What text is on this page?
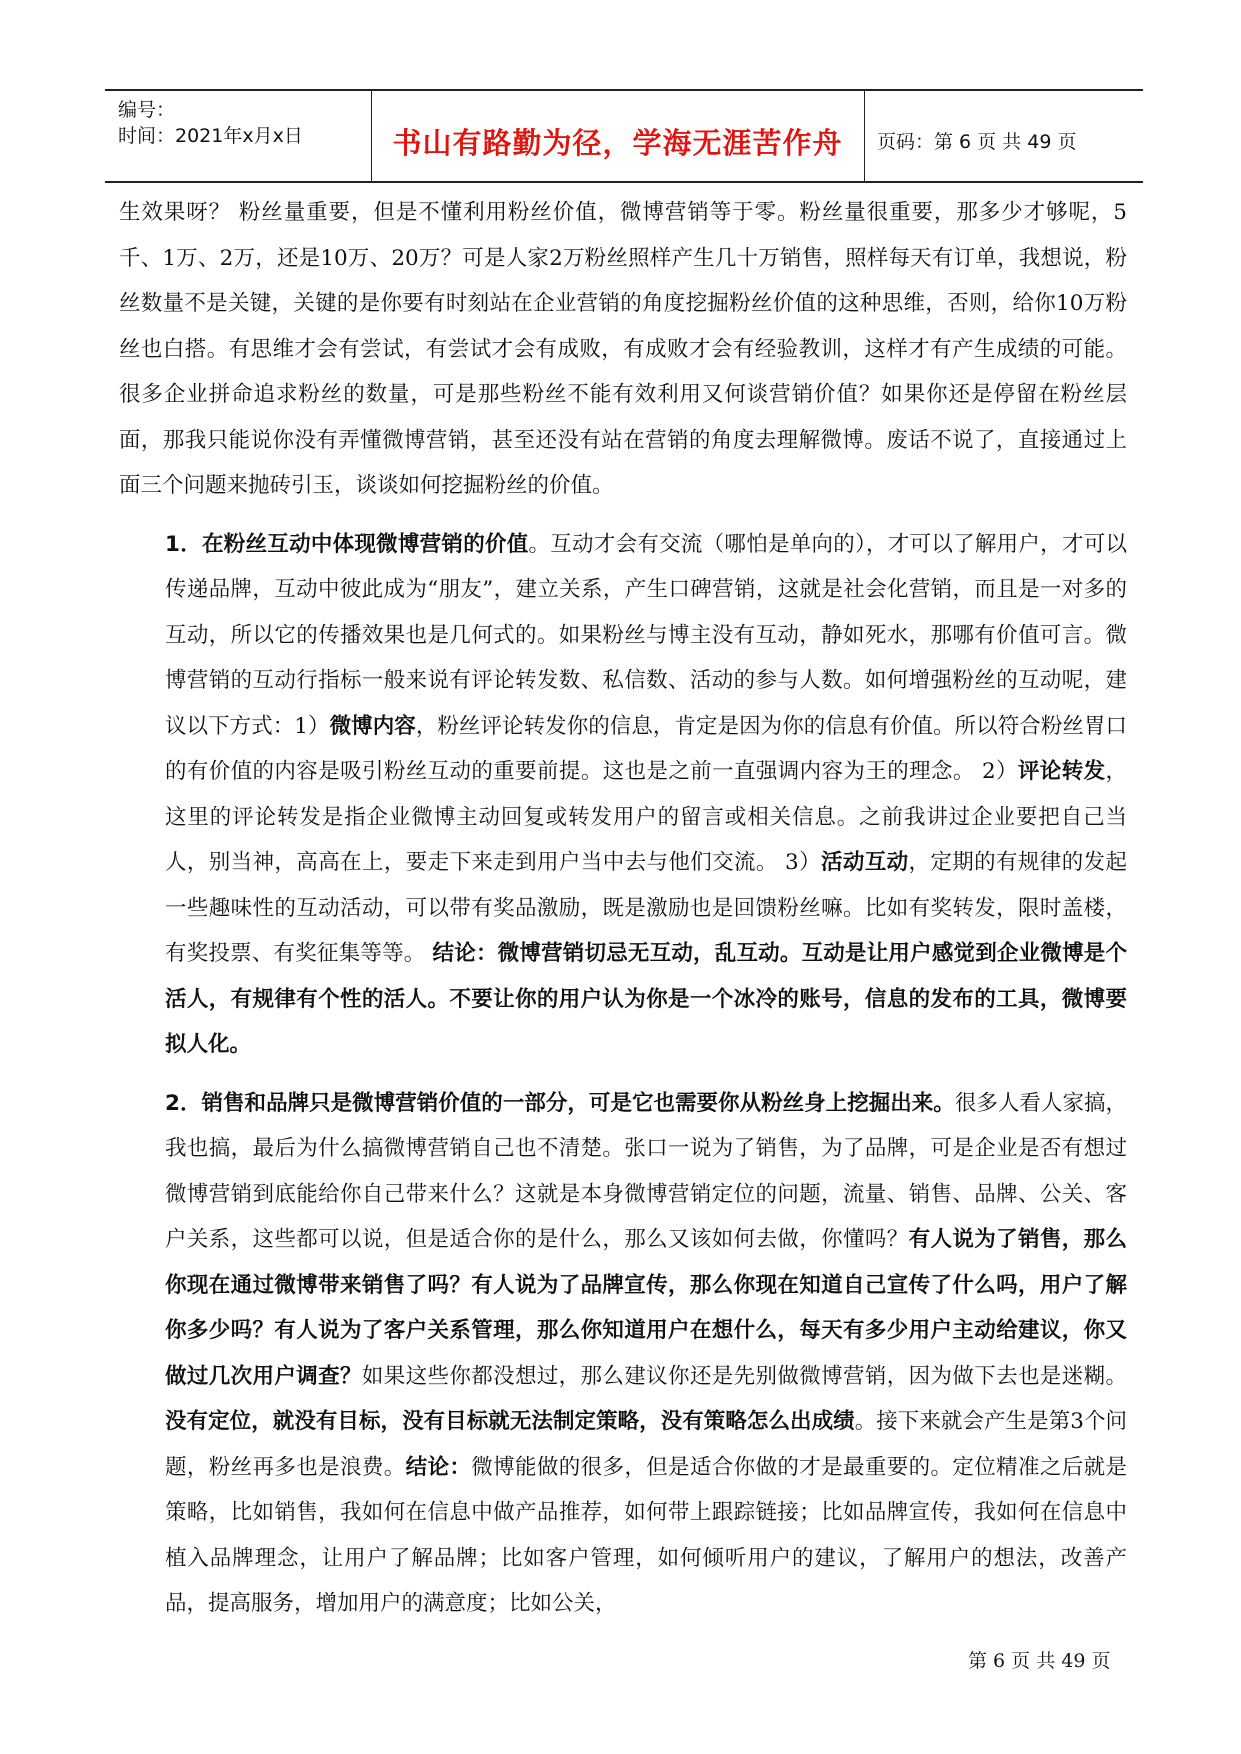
编号：
时间：2021年x月x日	书山有路勤为径，学海无涯苦作舟	页码：第 6 页 共 49 页

生效果呀？ 粉丝量重要，但是不懂利用粉丝价值，微博营销等于零。粉丝量很重要，那多少才够呢，5千、1万、2万，还是10万、20万？可是人家2万粉丝照样产生几十万销售，照样每天有订单，我想说，粉丝数量不是关键，关键的是你要有时刻站在企业营销的角度挖掘粉丝价值的这种思维，否则，给你10万粉丝也白搭。有思维才会有尝试，有尝试才会有成败，有成败才会有经验教训，这样才有产生成绩的可能。很多企业拼命追求粉丝的数量，可是那些粉丝不能有效利用又何谈营销价值？如果你还是停留在粉丝层面，那我只能说你没有弄懂微博营销，甚至还没有站在营销的角度去理解微博。废话不说了，直接通过上面三个问题来抛砖引玉，谈谈如何挖掘粉丝的价值。

1．在粉丝互动中体现微博营销的价值。互动才会有交流（哪怕是单向的），才可以了解用户，才可以传递品牌，互动中彼此成为“朋友”，建立关系，产生口碑营销，这就是社会化营销，而且是一对多的互动，所以它的传播效果也是几何式的。如果粉丝与博主没有互动，静如死水，那哪有价值可言。微博营销的互动行指标一般来说有评论转发数、私信数、活动的参与人数。如何增强粉丝的互动呢，建议以下方式：1）微博内容，粉丝评论转发你的信息，肯定是因为你的信息有价值。所以符合粉丝胃口的有价值的内容是吸引粉丝互动的重要前提。这也是之前一直强调内容为王的理念。 2）评论转发，这里的评论转发是指企业微博主动回复或转发用户的留言或相关信息。之前我讲过企业要把自己当人，别当神，高高在上，要走下来走到用户当中去与他们交流。 3）活动互动，定期的有规律的发起一些趣味性的互动活动，可以带有奖品激励，既是激励也是回馈粉丝嘛。比如有奖转发，限时盖楼，有奖投票、有奖征集等等。 结论：微博营销切忌无互动，乱互动。互动是让用户感觉到企业微博是个活人，有规律有个性的活人。不要让你的用户认为你是一个冰冷的账号，信息的发布的工具，微博要拟人化。

2．销售和品牌只是微博营销价值的一部分，可是它也需要你从粉丝身上挖掘出来。很多人看人家搞，我也搞，最后为什么搞微博营销自己也不清楚。张口一说为了销售，为了品牌，可是企业是否有想过微博营销到底能给你自己带来什么？这就是本身微博营销定位的问题，流量、销售、品牌、公关、客户关系，这些都可以说，但是适合你的是什么，那么又该如何去做，你懂吗？有人说为了销售，那么你现在通过微博带来销售了吗？有人说为了品牌宣传，那么你现在知道自己宣传了什么吗，用户了解你多少吗？有人说为了客户关系管理，那么你知道用户在想什么，每天有多少用户主动给建议，你又做过几次用户调查？如果这些你都没想过，那么建议你还是先别做微博营销，因为做下去也是迷糊。没有定位，就没有目标，没有目标就无法制定策略，没有策略怎么出成绩。接下来就会产生是第3个问题，粉丝再多也是浪费。结论：微博能做的很多，但是适合你做的才是最重要的。定位精准之后就是策略，比如销售，我如何在信息中做产品推荐，如何带上跟踪链接；比如品牌宣传，我如何在信息中植入品牌理念，让用户了解品牌；比如客户管理，如何倾听用户的建议，了解用户的想法，改善产品，提高服务，增加用户的满意度；比如公关，

第 6 页 共 49 页
